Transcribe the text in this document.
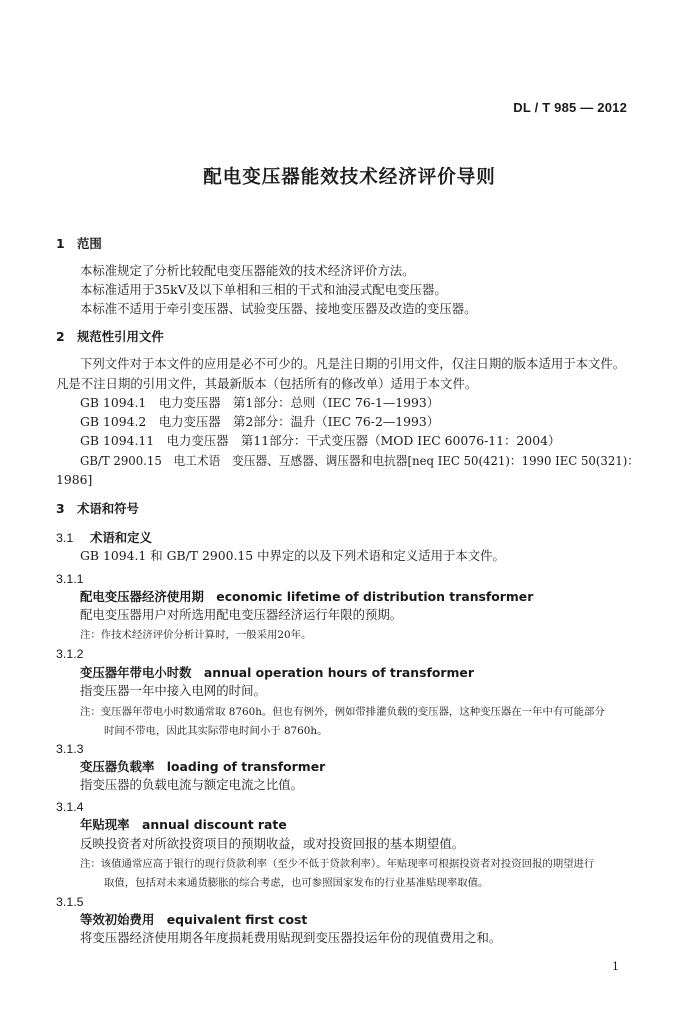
DL / T 985 — 2012
配电变压器能效技术经济评价导则
1 范围
本标准规定了分析比较配电变压器能效的技术经济评价方法。
本标准适用于35kV及以下单相和三相的干式和油浸式配电变压器。
本标准不适用于牵引变压器、试验变压器、接地变压器及改造的变压器。
2 规范性引用文件
下列文件对于本文件的应用是必不可少的。凡是注日期的引用文件，仅注日期的版本适用于本文件。
凡是不注日期的引用文件，其最新版本（包括所有的修改单）适用于本文件。
GB 1094.1　电力变压器　第1部分：总则（IEC 76-1—1993）
GB 1094.2　电力变压器　第2部分：温升（IEC 76-2—1993）
GB 1094.11　电力变压器　第11部分：干式变压器（MOD IEC 60076-11：2004）
GB/T 2900.15　电工术语　变压器、互感器、调压器和电抗器[neq IEC 50(421)：1990 IEC 50(321)：
1986]
3 术语和符号
3.1 术语和定义
GB 1094.1 和 GB/T 2900.15 中界定的以及下列术语和定义适用于本文件。
3.1.1
配电变压器经济使用期　economic lifetime of distribution transformer
配电变压器用户对所选用配电变压器经济运行年限的预期。
注：作技术经济评价分析计算时，一般采用20年。
3.1.2
变压器年带电小时数　annual operation hours of transformer
指变压器一年中接入电网的时间。
注：变压器年带电小时数通常取 8760h。但也有例外，例如带排灌负载的变压器，这种变压器在一年中有可能部分
时间不带电，因此其实际带电时间小于 8760h。
3.1.3
变压器负载率　loading of transformer
指变压器的负载电流与额定电流之比值。
3.1.4
年贴现率　annual discount rate
反映投资者对所欲投资项目的预期收益，或对投资回报的基本期望值。
注：该值通常应高于银行的现行贷款利率（至少不低于贷款利率）。年贴现率可根据投资者对投资回报的期望进行
取值，包括对未来通货膨胀的综合考虑，也可参照国家发布的行业基准贴现率取值。
3.1.5
等效初始费用　equivalent first cost
将变压器经济使用期各年度损耗费用贴现到变压器投运年份的现值费用之和。
1
